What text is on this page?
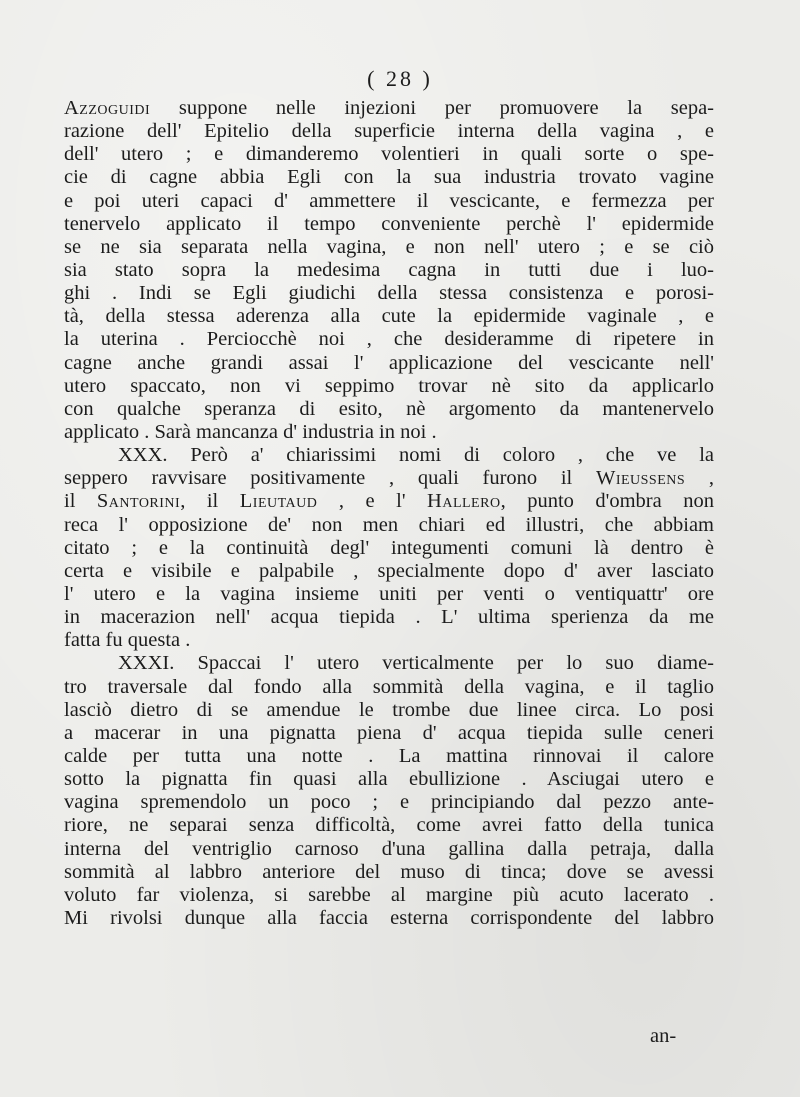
( 28 )
Azzoguidi suppone nelle injezioni per promuovere la sepa-
razione dell' Epitelio della superficie interna della vagina , e
dell' utero ; e dimanderemo volentieri in quali sorte o spe-
cie di cagne abbia Egli con la sua industria trovato vagine
e poi uteri capaci d' ammettere il vescicante, e fermezza per
tenervelo applicato il tempo conveniente perchè l' epidermide
se ne sia separata nella vagina, e non nell' utero ; e se ciò
sia stato sopra la medesima cagna in tutti due i luo-
ghi . Indi se Egli giudichi della stessa consistenza e porosi-
tà, della stessa aderenza alla cute la epidermide vaginale , e
la uterina . Perciocchè noi , che desideramme di ripetere in
cagne anche grandi assai l' applicazione del vescicante nell'
utero spaccato, non vi seppimo trovar nè sito da applicarlo
con qualche speranza di esito, nè argomento da mantenervelo
applicato . Sarà mancanza d' industria in noi .
XXX. Però a' chiarissimi nomi di coloro , che ve la
seppero ravvisare positivamente , quali furono il Wieussens ,
il Santorini, il Lieutaud , e l' Hallero, punto d'ombra non
reca l' opposizione de' non men chiari ed illustri, che abbiam
citato ; e la continuità degl' integumenti comuni là dentro è
certa e visibile e palpabile , specialmente dopo d' aver lasciato
l' utero e la vagina insieme uniti per venti o ventiquattr' ore
in macerazion nell' acqua tiepida . L' ultima sperienza da me
fatta fu questa .
XXXI. Spaccai l' utero verticalmente per lo suo diame-
tro traversale dal fondo alla sommità della vagina, e il taglio
lasciò dietro di se amendue le trombe due linee circa. Lo posi
a macerar in una pignatta piena d' acqua tiepida sulle ceneri
calde per tutta una notte . La mattina rinnovai il calore
sotto la pignatta fin quasi alla ebullizione . Asciugai utero e
vagina spremendolo un poco ; e principiando dal pezzo ante-
riore, ne separai senza difficoltà, come avrei fatto della tunica
interna del ventriglio carnoso d'una gallina dalla petraja, dalla
sommità al labbro anteriore del muso di tinca; dove se avessi
voluto far violenza, si sarebbe al margine più acuto lacerato .
Mi rivolsi dunque alla faccia esterna corrispondente del labbro
an-
